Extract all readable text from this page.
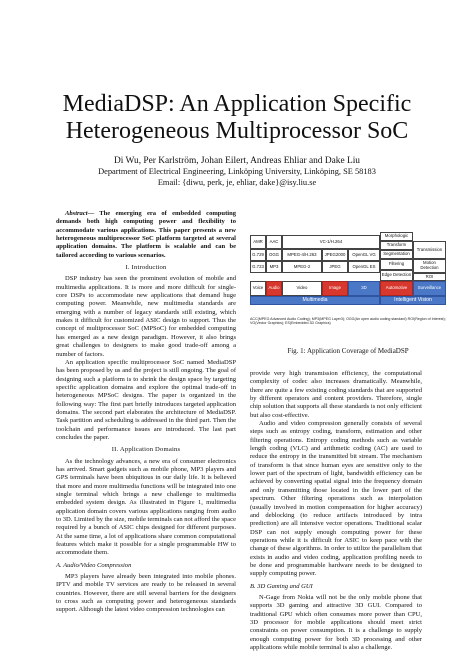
MediaDSP: An Application Specific
Heterogeneous Multiprocessor SoC
Di Wu, Per Karlström, Johan Eilert, Andreas Ehliar and Dake Liu
Department of Electrical Engineering, Linköping University, Linköping, SE 58183
Email: {diwu, perk, je, ehliar, dake}@isy.liu.se

Abstract— The emerging era of embedded computing demands both high computing power and flexibility to accommodate various applications. This paper presents a new heterogeneous multiprocessor SoC platform targeted at several application domains. The platform is scalable and can be tailored according to various scenarios.

I. Introduction

DSP industry has seen the prominent evolution of mobile and multimedia applications. It is more and more difficult for single-core DSPs to accommodate new applications that demand huge computing power. Meanwhile, new multimedia standards are emerging with a number of legacy standards still existing, which makes it difficult for customized ASIC design to support. Thus the concept of multiprocessor SoC (MPSoC) for embedded computing has emerged as a new design paradigm. However, it also brings great challenges to designers to make good trade-off among a number of factors.

An application specific multiprocessor SoC named MediaDSP has been proposed by us and the project is still ongoing. The goal of designing such a platform is to shrink the design space by targeting specific application domains and explore the optimal trade-off in heterogeneous MPSoC designs. The paper is organized in the following way: The first part briefly introduces targeted application domains. The second part elaborates the architecture of MediaDSP. Task partition and scheduling is addressed in the third part. Then the toolchain and performance issues are introduced. The last part concludes the paper.

II. Application Domains

As the technology advances, a new era of consumer electronics has arrived. Smart gadgets such as mobile phone, MP3 players and GPS terminals have been ubiquitous in our daily life. It is believed that more and more multimedia functions will be integrated into one single terminal which brings a new challenge to multimedia embedded system design. As illustrated in Figure 1, multimedia application domain covers various applications ranging from audio to 3D. Limited by the size, mobile terminals can not afford the space required by a bunch of ASIC chips designed for different purposes. At the same time, a lot of applications share common computational features which make it possible for a single programmable HW to accommodate them.

A. Audio/Video Compression

MP3 players have already been integrated into mobile phones. IPTV and mobile TV services are ready to be released in several countries. However, there are still several barriers for the designers to cross such as computing power and heterogeneous standards support. Although the latest video compression technologies can

Morphologic
Transform
Transmission
Segmentation
AMR	AAC	VC-1/H.264
G.729	OGG	MPEG-4/H.263	JPEG2000	OpenGL VG
Filtering	Motion Detection
G.723	MP3	MPEG-2	JPEG	OpenGL ES
Edge Detection	ROI
Voice	Audio	Video	Image	3D	Automotive	Surveillance
Multimedia	Intelligent Vision
ACC(MPEG Advanced Audio Coding); MP3(MPEG Layer3); OGG(An open audio coding standard) ROI(Region of Interest); VG(Vector Graphics); ES(Embedded 3D Graphics)
Fig. 1: Application Coverage of MediaDSP

provide very high transmission efficiency, the computational complexity of codec also increases dramatically. Meanwhile, there are quite a few existing coding standards that are supported by different operators and content providers. Therefore, single chip solution that supports all these standards is not only efficient but also cost-effective.

Audio and video compression generally consists of several steps such as entropy coding, transform, estimation and other filtering operations. Entropy coding methods such as variable length coding (VLC) and arithmetic coding (AC) are used to reduce the entropy in the transmitted bit stream. The mechanism of transform is that since human eyes are sensitive only to the lower part of the spectrum of light, bandwidth efficiency can be achieved by converting spatial signal into the frequency domain and only transmitting those located in the lower part of the spectrum. Other filtering operations such as interpolation (usually involved in motion compensation for higher accuracy) and deblocking (to reduce artifacts introduced by intra prediction) are all intensive vector operations. Traditional scalar DSP can not supply enough computing power for these operations while it is difficult for ASIC to keep pace with the change of these algorithms. In order to utilize the parallelism that exists in audio and video coding, application profiling needs to be done and programmable hardware needs to be designed to supply computing power.

B. 3D Gaming and GUI

N-Gage from Nokia will not be the only mobile phone that supports 3D gaming and attractive 3D GUI. Compared to traditional GPU which often consumes more power than CPU, 3D processor for mobile applications should meet strict constraints on power consumption. It is a challenge to supply enough computing power for both 3D processing and other applications while mobile terminal is also a challenge.
